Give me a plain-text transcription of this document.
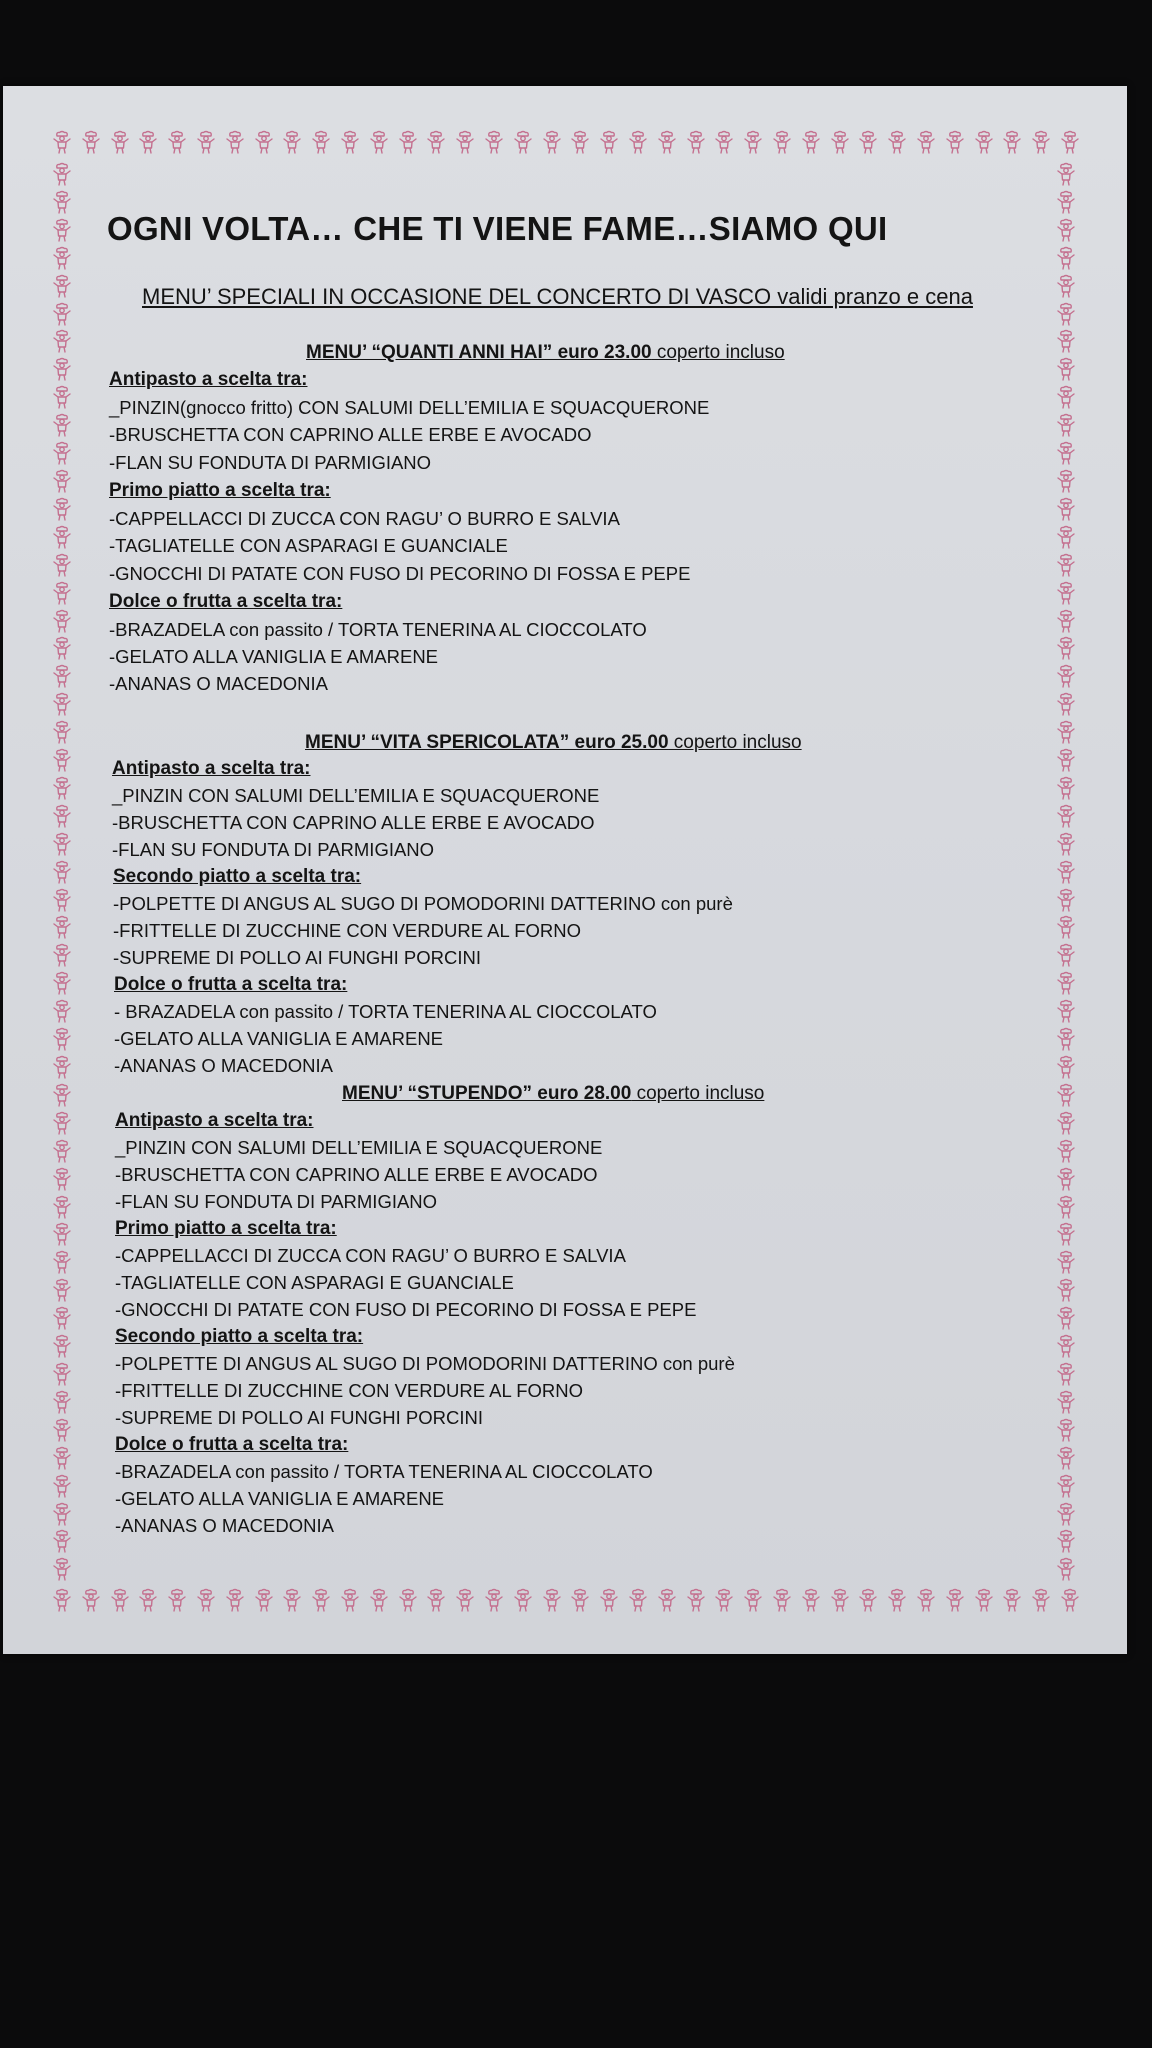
OGNI VOLTA… CHE TI VIENE FAME…SIAMO QUI
MENU’ SPECIALI IN OCCASIONE DEL CONCERTO DI VASCO validi pranzo e cena
MENU’ “QUANTI ANNI HAI” euro 23.00 coperto incluso
Antipasto a scelta tra:
_PINZIN(gnocco fritto) CON SALUMI DELL’EMILIA E SQUACQUERONE
-BRUSCHETTA CON CAPRINO ALLE ERBE E AVOCADO
-FLAN SU FONDUTA DI PARMIGIANO
Primo piatto a scelta tra:
-CAPPELLACCI DI ZUCCA CON RAGU’ O BURRO E SALVIA
-TAGLIATELLE CON ASPARAGI E GUANCIALE
-GNOCCHI DI PATATE CON FUSO DI PECORINO DI FOSSA E PEPE
Dolce o frutta a scelta tra:
-BRAZADELA con passito / TORTA TENERINA AL CIOCCOLATO
-GELATO ALLA VANIGLIA E AMARENE
-ANANAS O MACEDONIA
MENU’ “VITA SPERICOLATA” euro 25.00 coperto incluso
Antipasto a scelta tra:
_PINZIN CON SALUMI DELL’EMILIA E SQUACQUERONE
-BRUSCHETTA CON CAPRINO ALLE ERBE E AVOCADO
-FLAN SU FONDUTA DI PARMIGIANO
Secondo piatto a scelta tra:
-POLPETTE DI ANGUS AL SUGO DI POMODORINI DATTERINO con purè
-FRITTELLE DI ZUCCHINE CON VERDURE AL FORNO
-SUPREME DI POLLO AI FUNGHI PORCINI
Dolce o frutta a scelta tra:
- BRAZADELA con passito / TORTA TENERINA AL CIOCCOLATO
-GELATO ALLA VANIGLIA E AMARENE
-ANANAS O MACEDONIA
MENU’ “STUPENDO” euro 28.00 coperto incluso
Antipasto a scelta tra:
_PINZIN CON SALUMI DELL’EMILIA E SQUACQUERONE
-BRUSCHETTA CON CAPRINO ALLE ERBE E AVOCADO
-FLAN SU FONDUTA DI PARMIGIANO
Primo piatto a scelta tra:
-CAPPELLACCI DI ZUCCA CON RAGU’ O BURRO E SALVIA
-TAGLIATELLE CON ASPARAGI E GUANCIALE
-GNOCCHI DI PATATE CON FUSO DI PECORINO DI FOSSA E PEPE
Secondo piatto a scelta tra:
-POLPETTE DI ANGUS AL SUGO DI POMODORINI DATTERINO con purè
-FRITTELLE DI ZUCCHINE CON VERDURE AL FORNO
-SUPREME DI POLLO AI FUNGHI PORCINI
Dolce o frutta a scelta tra:
-BRAZADELA con passito / TORTA TENERINA AL CIOCCOLATO
-GELATO ALLA VANIGLIA E AMARENE
-ANANAS O MACEDONIA
